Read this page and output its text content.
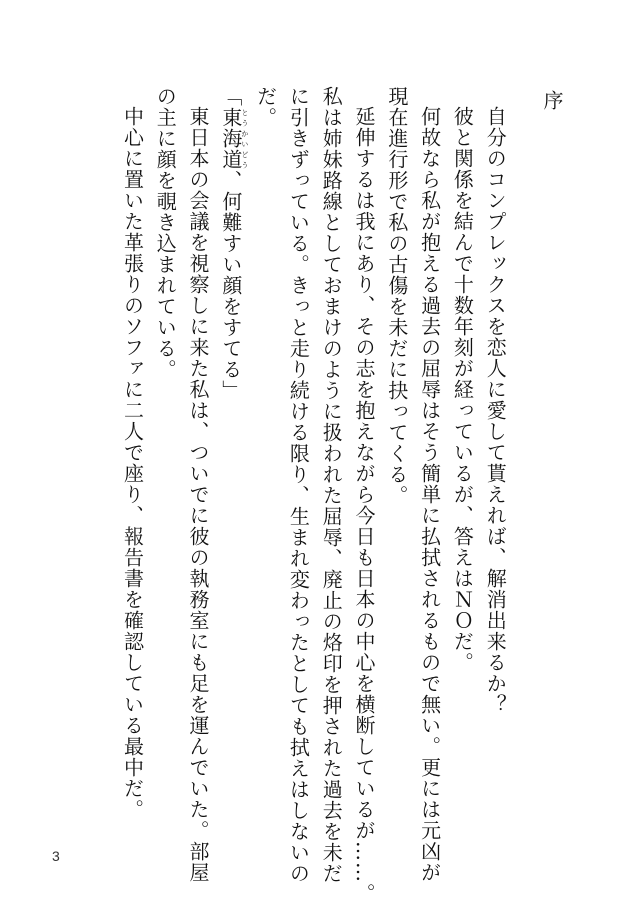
序
自分のコンプレックスを恋人に愛して貰えれば、解消出来るか？
彼と関係を結んで十数年刻が経っているが、答えはＮＯだ。
何故なら私が抱える過去の屈辱はそう簡単に払拭されるもので無い。更には元凶が
現在進行形で私の古傷を未だに抉ってくる。
延伸するは我にあり、その志を抱えながら今日も日本の中心を横断しているが……。
私は姉妹路線としておまけのように扱われた屈辱、廃止の烙印を押された過去を未だ
に引きずっている。きっと走り続ける限り、生まれ変わったとしても拭えはしないの
だ。
「東海道とうかいどう、何難すい顔をすてる」
東日本の会議を視察しに来た私は、ついでに彼の執務室にも足を運んでいた。部屋
の主に顔を覗き込まれている。
中心に置いた革張りのソファに二人で座り、報告書を確認している最中だ。
3
